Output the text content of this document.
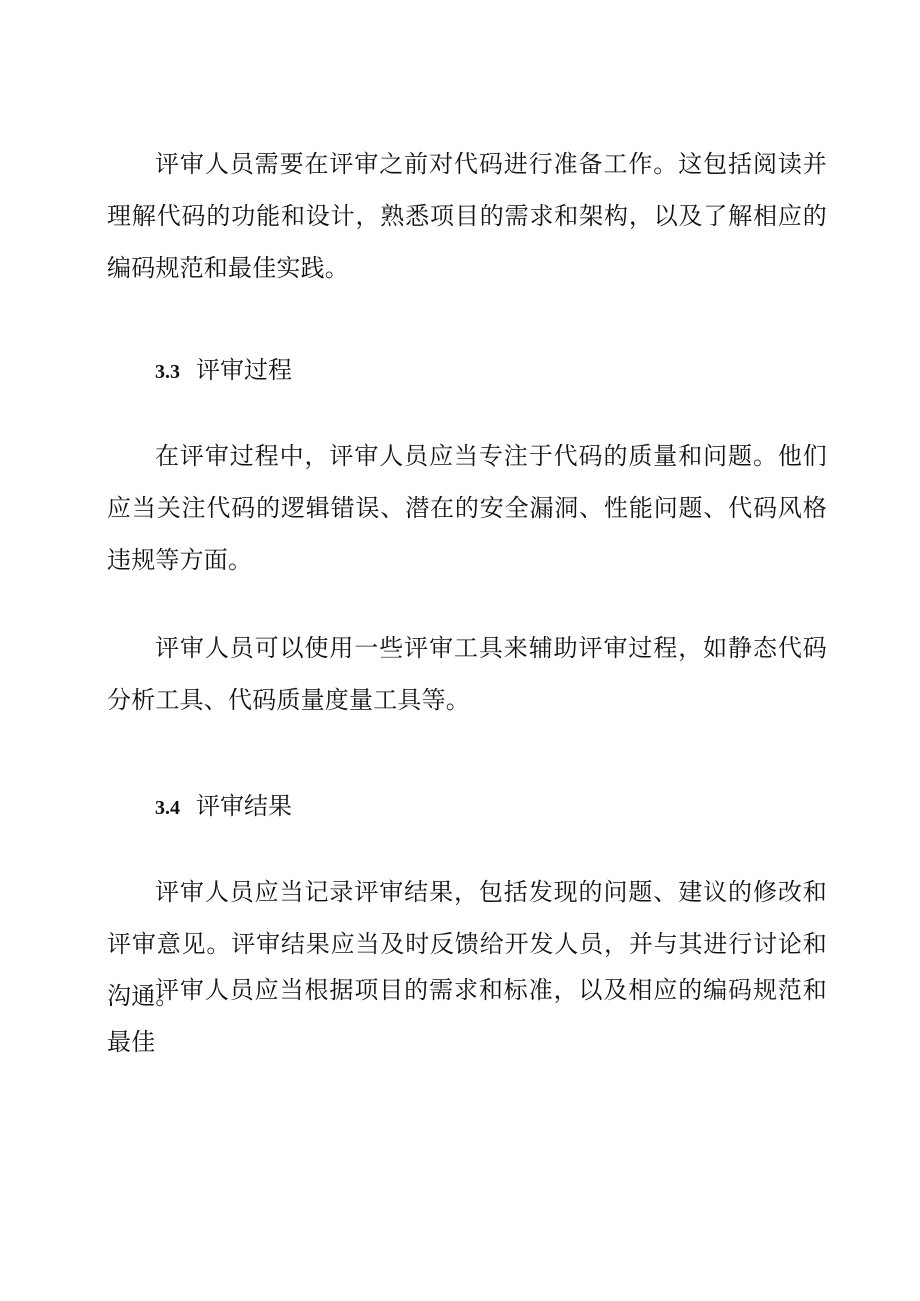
评审人员需要在评审之前对代码进行准备工作。这包括阅读并理解代码的功能和设计，熟悉项目的需求和架构，以及了解相应的编码规范和最佳实践。

3.3 评审过程

在评审过程中，评审人员应当专注于代码的质量和问题。他们应当关注代码的逻辑错误、潜在的安全漏洞、性能问题、代码风格违规等方面。

评审人员可以使用一些评审工具来辅助评审过程，如静态代码分析工具、代码质量度量工具等。

3.4 评审结果

评审人员应当记录评审结果，包括发现的问题、建议的修改和评审意见。评审结果应当及时反馈给开发人员，并与其进行讨论和沟通。

评审人员应当根据项目的需求和标准，以及相应的编码规范和最佳
